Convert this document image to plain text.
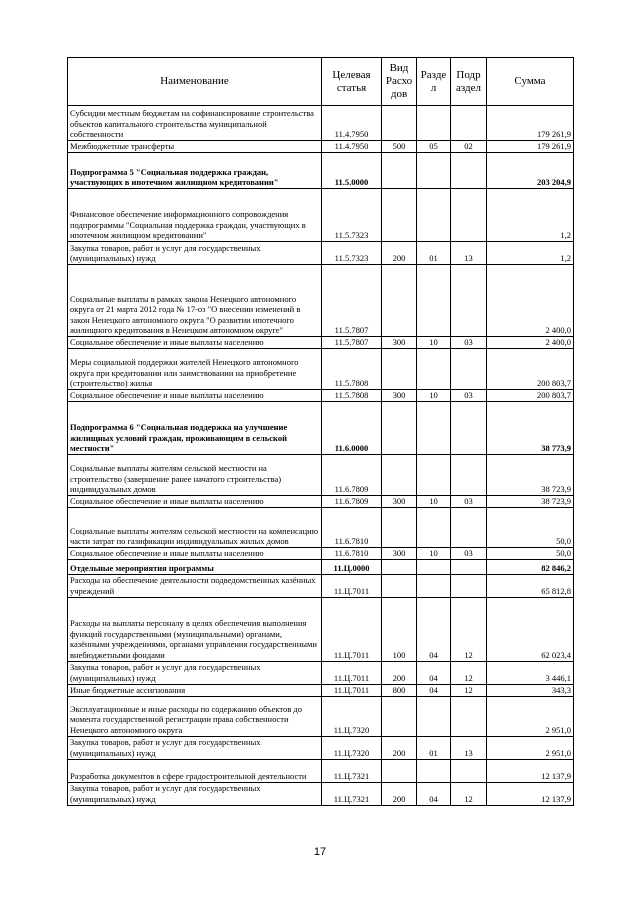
Наименование	Целевая статья	Вид Расхо дов	Разде л	Подр аздел	Сумма
Субсидии местным бюджетам на софинансирование строительства объектов капитального строительства муниципальной собственности	11.4.7950				179 261,9
Межбюджетные трансферты	11.4.7950	500	05	02	179 261,9
Подпрограмма 5 "Социальная поддержка граждан, участвующих в ипотечном жилищном кредитовании"	11.5.0000				203 204,9
Финансовое обеспечение информационного сопровождения подпрограммы "Социальная поддержка граждан, участвующих в ипотечном жилищном кредитовании"	11.5.7323				1,2
Закупка товаров, работ и услуг для государственных (муниципальных) нужд	11.5.7323	200	01	13	1,2
Социальные выплаты в рамках закона Ненецкого автономного округа от 21 марта 2012 года № 17-оз "О внесении изменений в закон Ненецкого автономного округа "О развитии ипотечного жилищного кредитования в Ненецком автономном округе"	11.5.7807				2 400,0
Социальное обеспечение и иные выплаты населению	11.5.7807	300	10	03	2 400,0
Меры социальной поддержки жителей Ненецкого автономного округа при кредитовании или заимствовании на приобретение (строительство) жилья	11.5.7808				200 803,7
Социальное обеспечение и иные выплаты населению	11.5.7808	300	10	03	200 803,7
Подпрограмма 6 "Социальная поддержка на улучшение жилищных условий граждан, проживающим в сельской местности"	11.6.0000				38 773,9
Социальные выплаты жителям сельской местности на строительство (завершение ранее начатого строительства) индивидуальных домов	11.6.7809				38 723,9
Социальное обеспечение и иные выплаты населению	11.6.7809	300	10	03	38 723,9
Социальные выплаты жителям сельской местности на компенсацию части затрат по газификации индивидуальных жилых домов	11.6.7810				50,0
Социальное обеспечение и иные выплаты населению	11.6.7810	300	10	03	50,0
Отдельные мероприятия программы	11.Ц.0000				82 846,2
Расходы на обеспечение деятельности подведомственных казённых учреждений	11.Ц.7011				65 812,8
Расходы на выплаты персоналу в целях обеспечения выполнения функций государственными (муниципальными) органами, казёнными учреждениями, органами управления государственными внебюджетными фондами	11.Ц.7011	100	04	12	62 023,4
Закупка товаров, работ и услуг для государственных (муниципальных) нужд	11.Ц.7011	200	04	12	3 446,1
Иные бюджетные ассигнования	11.Ц.7011	800	04	12	343,3
Эксплуатационные и иные расходы по содержанию объектов до момента государственной регистрации права собственности Ненецкого автономного округа	11.Ц.7320				2 951,0
Закупка товаров, работ и услуг для государственных (муниципальных) нужд	11.Ц.7320	200	01	13	2 951,0
Разработка документов в сфере градостроительной деятельности	11.Ц.7321				12 137,9
Закупка товаров, работ и услуг для государственных (муниципальных) нужд	11.Ц.7321	200	04	12	12 137,9
17
